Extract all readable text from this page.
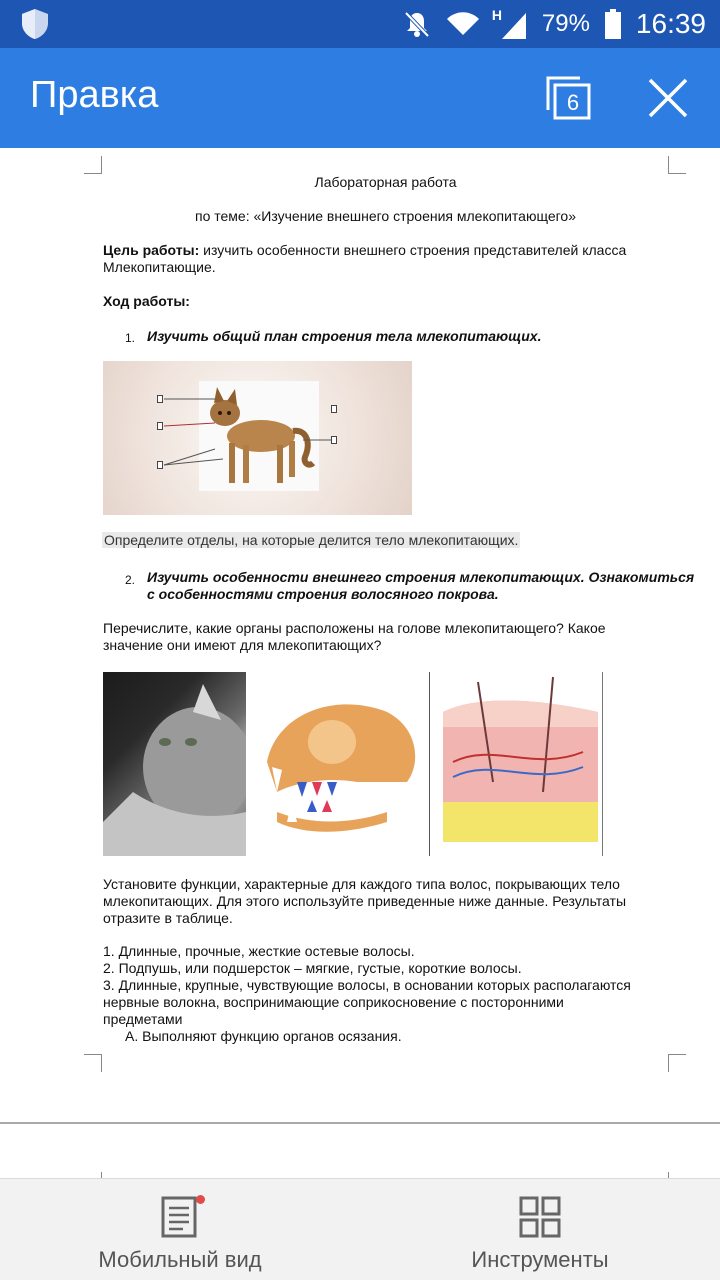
H 79% 16:39
Правка	6
Лабораторная работа
по теме: «Изучение внешнего строения млекопитающего»
Цель работы: изучить особенности внешнего строения представителей класса
Млекопитающие.
Ход работы:
1. Изучить общий план строения тела млекопитающих.
Определите отделы, на которые делится тело млекопитающих.
2. Изучить особенности внешнего строения млекопитающих. Ознакомиться
с особенностями строения волосяного покрова.
Перечислите, какие органы расположены на голове млекопитающего? Какое
значение они имеют для млекопитающих?
Установите функции, характерные для каждого типа волос, покрывающих тело
млекопитающих. Для этого используйте приведенные ниже данные. Результаты
отразите в таблице.
1. Длинные, прочные, жесткие остевые волосы.
2. Подпушь, или подшерсток – мягкие, густые, короткие волосы.
3. Длинные, крупные, чувствующие волосы, в основании которых располагаются
нервные волокна, воспринимающие соприкосновение с посторонними
предметами
А. Выполняют функцию органов осязания.
Мобильный вид	Инструменты
